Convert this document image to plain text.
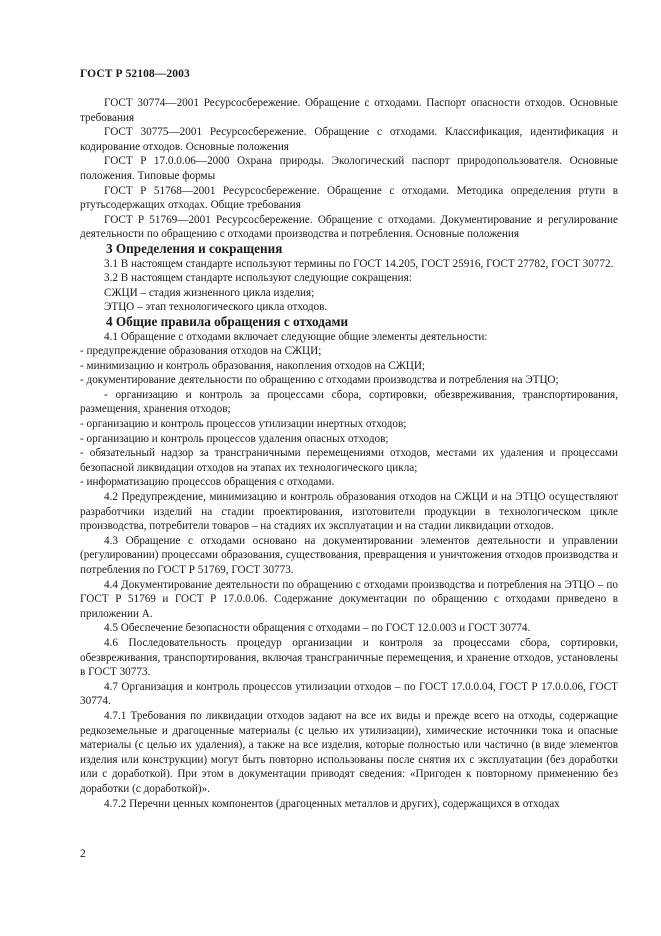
ГОСТ Р 52108—2003

ГОСТ 30774—2001 Ресурсосбережение. Обращение с отходами. Паспорт опасности отходов. Основные требования

ГОСТ 30775—2001 Ресурсосбережение. Обращение с отходами. Классификация, идентификация и кодирование отходов. Основные положения

ГОСТ Р 17.0.0.06—2000 Охрана природы. Экологический паспорт природопользователя. Основные положения. Типовые формы

ГОСТ Р 51768—2001 Ресурсосбережение. Обращение с отходами. Методика определения ртути в ртутьсодержащих отходах. Общие требования

ГОСТ Р 51769—2001 Ресурсосбережение. Обращение с отходами. Документирование и регулирование деятельности по обращению с отходами производства и потребления. Основные положения

3 Определения и сокращения

3.1 В настоящем стандарте используют термины по ГОСТ 14.205, ГОСТ 25916, ГОСТ 27782, ГОСТ 30772.

3.2 В настоящем стандарте используют следующие сокращения:

СЖЦИ – стадия жизненного цикла изделия;

ЭТЦО – этап технологического цикла отходов.

4 Общие правила обращения с отходами

4.1 Обращение с отходами включает следующие общие элементы деятельности:

- предупреждение образования отходов на СЖЦИ;

- минимизацию и контроль образования, накопления отходов на СЖЦИ;

- документирование деятельности по обращению с отходами производства и потребления на ЭТЦО;

- организацию и контроль за процессами сбора, сортировки, обезвреживания, транспортирования, размещения, хранения отходов;

- организацию и контроль процессов утилизации инертных отходов;

- организацию и контроль процессов удаления опасных отходов;

- обязательный надзор за трансграничными перемещениями отходов, местами их удаления и процессами безопасной ликвидации отходов на этапах их технологического цикла;

- информатизацию процессов обращения с отходами.

4.2 Предупреждение, минимизацию и контроль образования отходов на СЖЦИ и на ЭТЦО осуществляют разработчики изделий на стадии проектирования, изготовители продукции в технологическом цикле производства, потребители товаров – на стадиях их эксплуатации и на стадии ликвидации отходов.

4.3 Обращение с отходами основано на документировании элементов деятельности и управлении (регулировании) процессами образования, существования, превращения и уничтожения отходов производства и потребления по ГОСТ Р 51769, ГОСТ 30773.

4.4 Документирование деятельности по обращению с отходами производства и потребления на ЭТЦО – по ГОСТ Р 51769 и ГОСТ Р 17.0.0.06. Содержание документации по обращению с отходами приведено в приложении А.

4.5 Обеспечение безопасности обращения с отходами – по ГОСТ 12.0.003 и ГОСТ 30774.

4.6 Последовательность процедур организации и контроля за процессами сбора, сортировки, обезвреживания, транспортирования, включая трансграничные перемещения, и хранение отходов, установлены в ГОСТ 30773.

4.7 Организация и контроль процессов утилизации отходов – по ГОСТ 17.0.0.04, ГОСТ Р 17.0.0.06, ГОСТ 30774.

4.7.1 Требования по ликвидации отходов задают на все их виды и прежде всего на отходы, содержащие редкоземельные и драгоценные материалы (с целью их утилизации), химические источники тока и опасные материалы (с целью их удаления), а также на все изделия, которые полностью или частично (в виде элементов изделия или конструкции) могут быть повторно использованы после снятия их с эксплуатации (без доработки или с доработкой). При этом в документации приводят сведения: «Пригоден к повторному применению без доработки (с доработкой)».

4.7.2 Перечни ценных компонентов (драгоценных металлов и других), содержащихся в отходах

2
